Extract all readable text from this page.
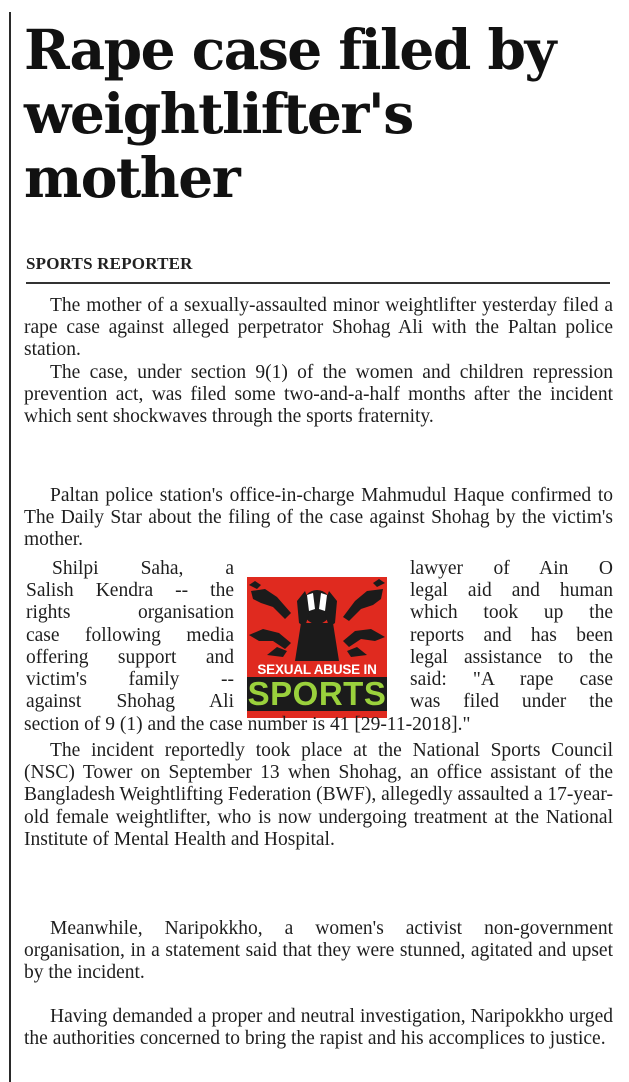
Rape case filed by weightlifter's mother
SPORTS REPORTER

The mother of a sexually-assaulted minor weightlifter yesterday filed a rape case against alleged perpetrator Shohag Ali with the Paltan police station.

The case, under section 9(1) of the women and children repression prevention act, was filed some two-and-a-half months after the incident which sent shockwaves through the sports fraternity.

Paltan police station's office-in-charge Mahmudul Haque confirmed to The Daily Star about the filing of the case against Shohag by the victim's mother.

Shilpi Saha, a
Salish Kendra -- the
rights organisation
case following media
offering support and
victim's family --
against Shohag Ali
SEXUAL ABUSE IN
SPORTS
lawyer of Ain O
legal aid and human
which took up the
reports and has been
legal assistance to the
said: "A rape case
was filed under the

section of 9 (1) and the case number is 41 [29-11-2018]."

The incident reportedly took place at the National Sports Council (NSC) Tower on September 13 when Shohag, an office assistant of the Bangladesh Weightlifting Federation (BWF), allegedly assaulted a 17-year-old female weightlifter, who is now undergoing treatment at the National Institute of Mental Health and Hospital.

Meanwhile, Naripokkho, a women's activist non-government organisation, in a statement said that they were stunned, agitated and upset by the incident.

Having demanded a proper and neutral investigation, Naripokkho urged the authorities concerned to bring the rapist and his accomplices to justice.
